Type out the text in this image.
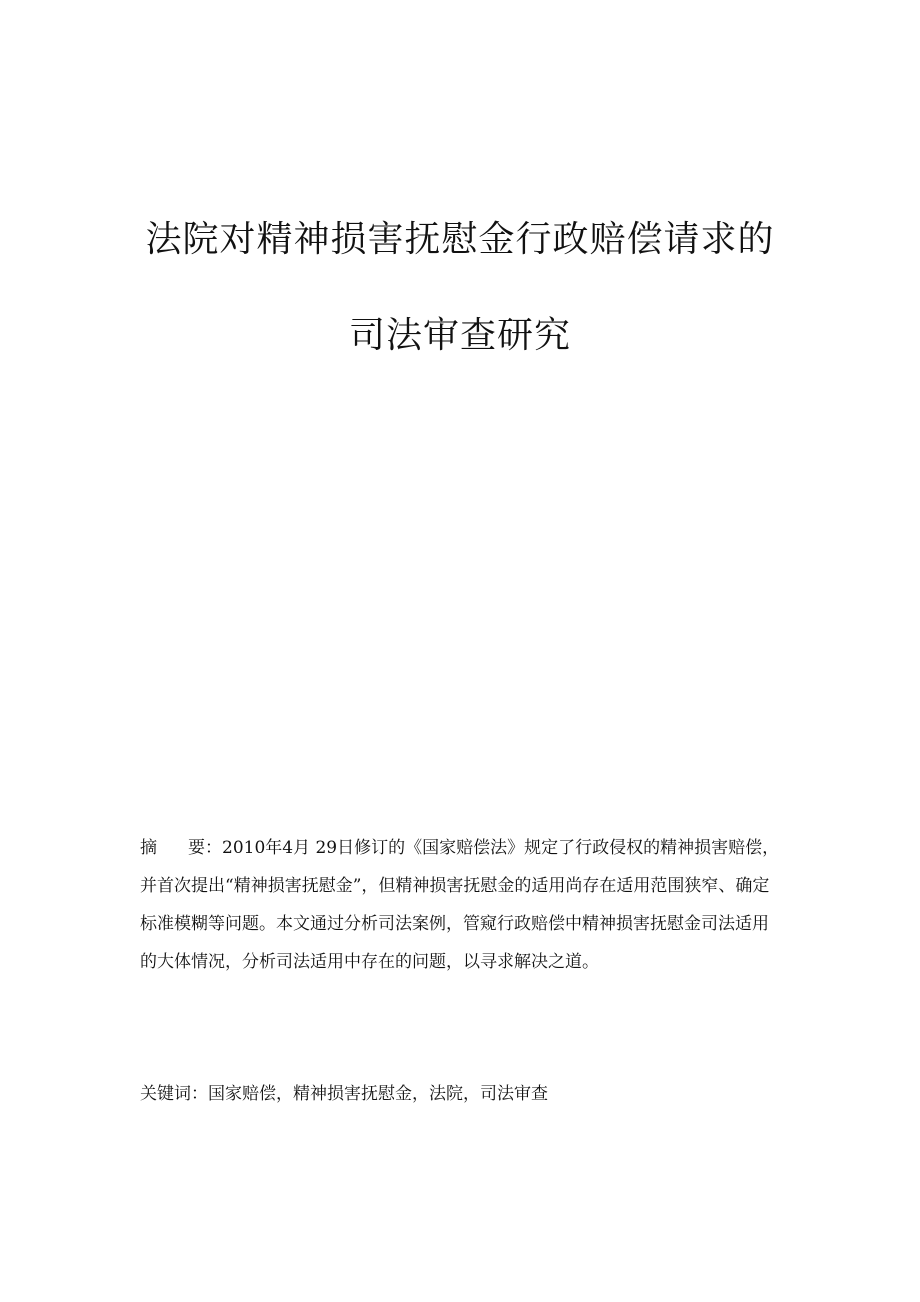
法院对精神损害抚慰金行政赔偿请求的
司法审查研究
摘 要：2010年4月 29日修订的《国家赔偿法》规定了行政侵权的精神损害赔偿，并首次提出“精神损害抚慰金”，但精神损害抚慰金的适用尚存在适用范围狭窄、确定标准模糊等问题。本文通过分析司法案例，管窥行政赔偿中精神损害抚慰金司法适用的大体情况，分析司法适用中存在的问题，以寻求解决之道。
关键词：国家赔偿，精神损害抚慰金，法院，司法审查
